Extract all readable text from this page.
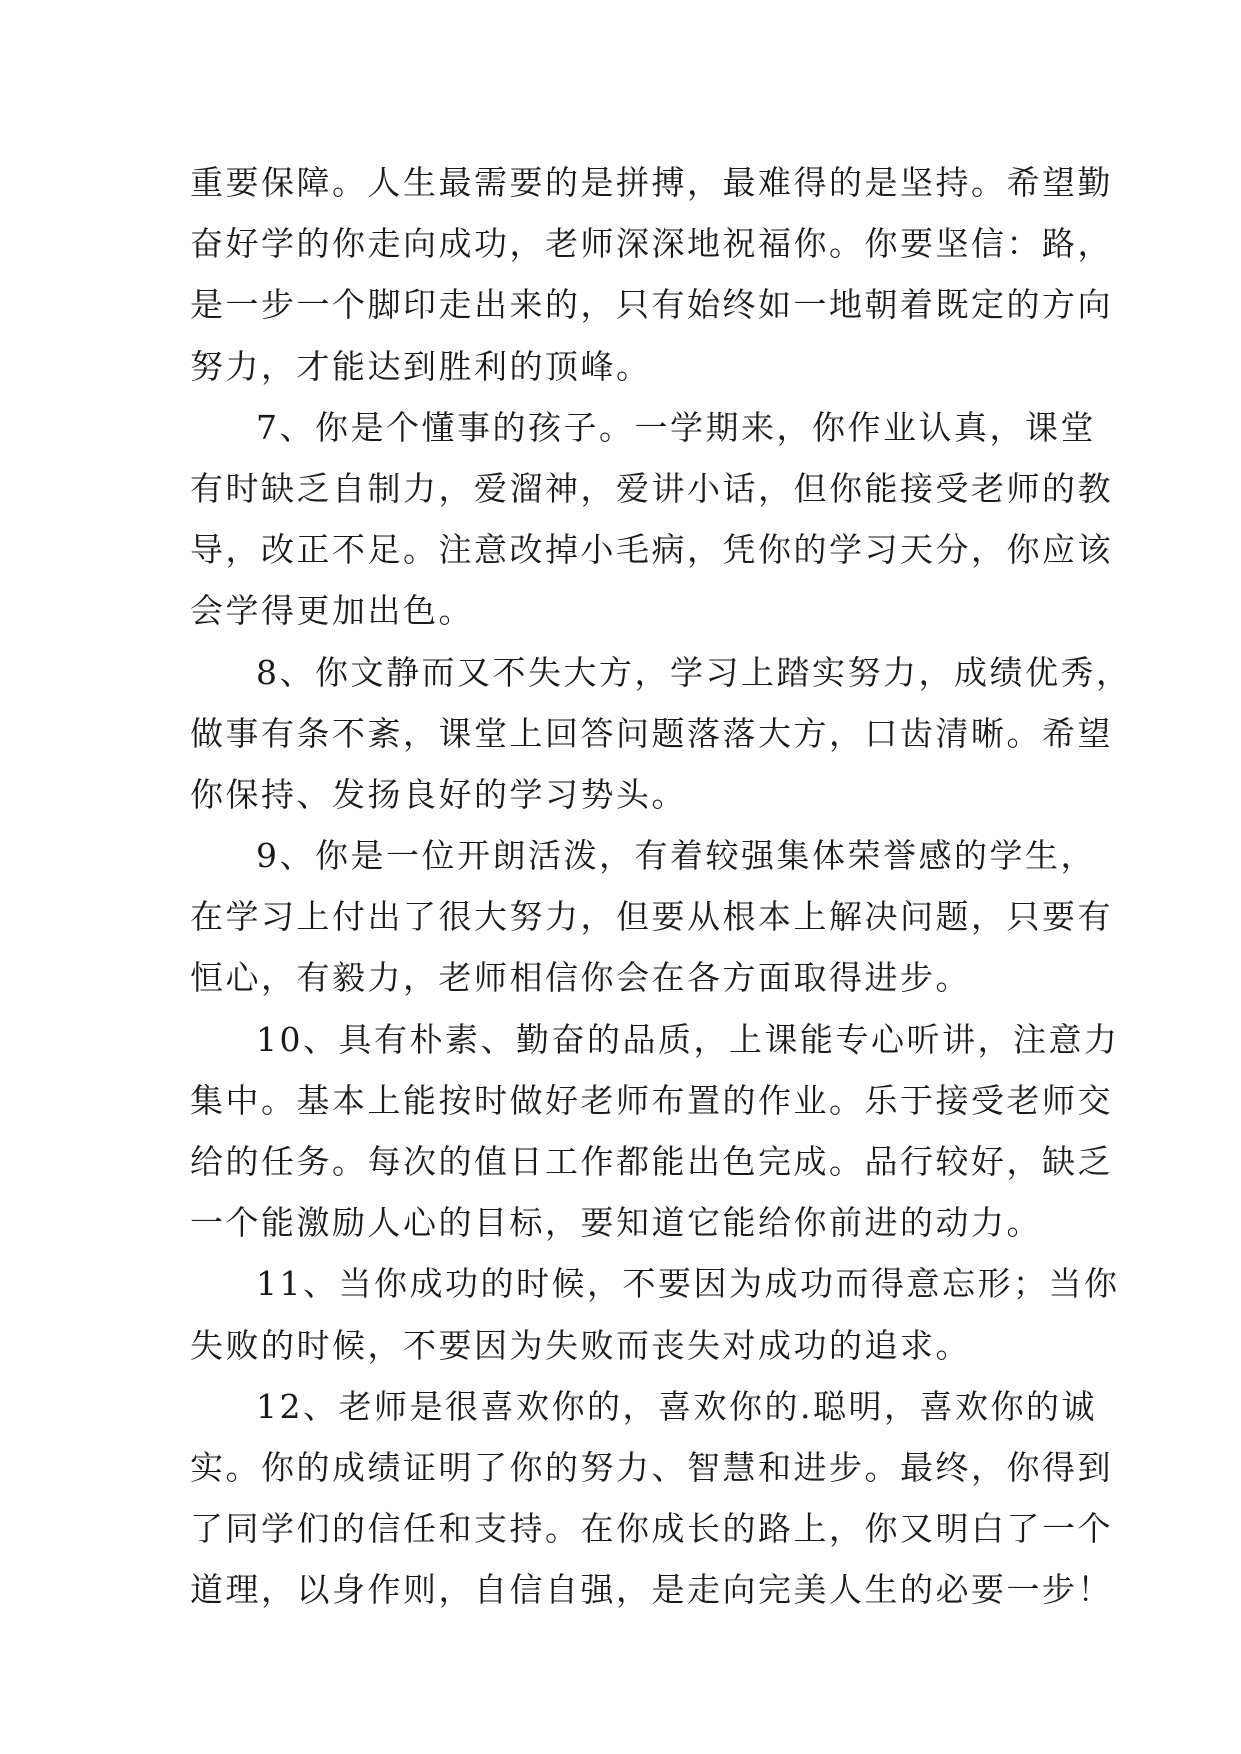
重要保障。人生最需要的是拼搏，最难得的是坚持。希望勤
奋好学的你走向成功，老师深深地祝福你。你要坚信：路，
是一步一个脚印走出来的，只有始终如一地朝着既定的方向
努力，才能达到胜利的顶峰。
7、你是个懂事的孩子。一学期来，你作业认真，课堂
有时缺乏自制力，爱溜神，爱讲小话，但你能接受老师的教
导，改正不足。注意改掉小毛病，凭你的学习天分，你应该
会学得更加出色。
8、你文静而又不失大方，学习上踏实努力，成绩优秀，
做事有条不紊，课堂上回答问题落落大方，口齿清晰。希望
你保持、发扬良好的学习势头。
9、你是一位开朗活泼，有着较强集体荣誉感的学生，
在学习上付出了很大努力，但要从根本上解决问题，只要有
恒心，有毅力，老师相信你会在各方面取得进步。
10、具有朴素、勤奋的品质，上课能专心听讲，注意力
集中。基本上能按时做好老师布置的作业。乐于接受老师交
给的任务。每次的值日工作都能出色完成。品行较好，缺乏
一个能激励人心的目标，要知道它能给你前进的动力。
11、当你成功的时候，不要因为成功而得意忘形；当你
失败的时候，不要因为失败而丧失对成功的追求。
12、老师是很喜欢你的，喜欢你的.聪明，喜欢你的诚
实。你的成绩证明了你的努力、智慧和进步。最终，你得到
了同学们的信任和支持。在你成长的路上，你又明白了一个
道理，以身作则，自信自强，是走向完美人生的必要一步！
